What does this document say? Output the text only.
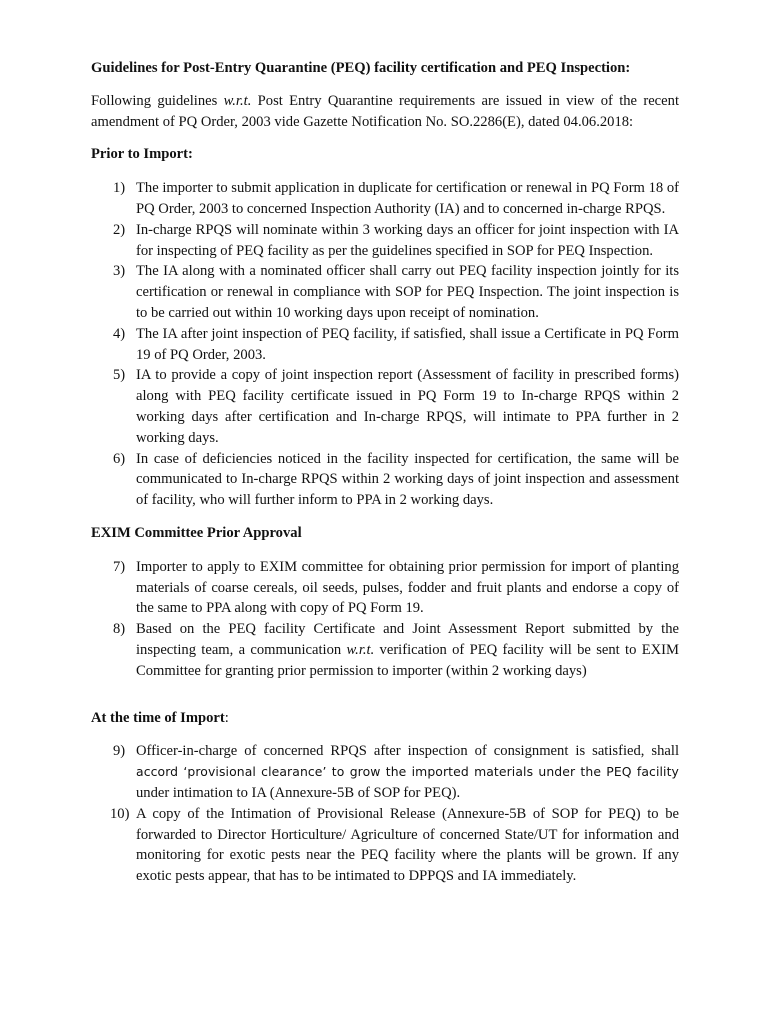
Guidelines for Post-Entry Quarantine (PEQ) facility certification and PEQ Inspection:

Following guidelines w.r.t. Post Entry Quarantine requirements are issued in view of the recent amendment of PQ Order, 2003 vide Gazette Notification No. SO.2286(E), dated 04.06.2018:

Prior to Import:

1) The importer to submit application in duplicate for certification or renewal in PQ Form 18 of PQ Order, 2003 to concerned Inspection Authority (IA) and to concerned in-charge RPQS.
2) In-charge RPQS will nominate within 3 working days an officer for joint inspection with IA for inspecting of PEQ facility as per the guidelines specified in SOP for PEQ Inspection.
3) The IA along with a nominated officer shall carry out PEQ facility inspection jointly for its certification or renewal in compliance with SOP for PEQ Inspection. The joint inspection is to be carried out within 10 working days upon receipt of nomination.
4) The IA after joint inspection of PEQ facility, if satisfied, shall issue a Certificate in PQ Form 19 of PQ Order, 2003.
5) IA to provide a copy of joint inspection report (Assessment of facility in prescribed forms) along with PEQ facility certificate issued in PQ Form 19 to In-charge RPQS within 2 working days after certification and In-charge RPQS, will intimate to PPA further in 2 working days.
6) In case of deficiencies noticed in the facility inspected for certification, the same will be communicated to In-charge RPQS within 2 working days of joint inspection and assessment of facility, who will further inform to PPA in 2 working days.

EXIM Committee Prior Approval

7) Importer to apply to EXIM committee for obtaining prior permission for import of planting materials of coarse cereals, oil seeds, pulses, fodder and fruit plants and endorse a copy of the same to PPA along with copy of PQ Form 19.
8) Based on the PEQ facility Certificate and Joint Assessment Report submitted by the inspecting team, a communication w.r.t. verification of PEQ facility will be sent to EXIM Committee for granting prior permission to importer (within 2 working days)

At the time of Import:

9) Officer-in-charge of concerned RPQS after inspection of consignment is satisfied, shall accord ‘provisional clearance’ to grow the imported materials under the PEQ facility under intimation to IA (Annexure-5B of SOP for PEQ).
10) A copy of the Intimation of Provisional Release (Annexure-5B of SOP for PEQ) to be forwarded to Director Horticulture/ Agriculture of concerned State/UT for information and monitoring for exotic pests near the PEQ facility where the plants will be grown. If any exotic pests appear, that has to be intimated to DPPQS and IA immediately.
